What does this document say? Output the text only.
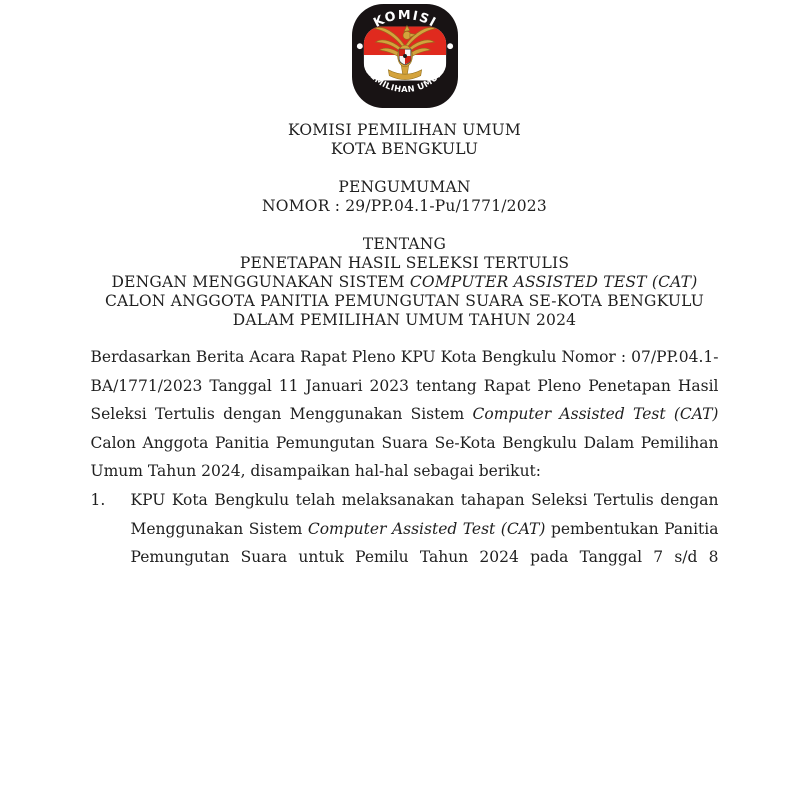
KOMISI
PEMILIHAN UMUM
KOMISI PEMILIHAN UMUM
KOTA BENGKULU
PENGUMUMAN
NOMOR : 29/PP.04.1-Pu/1771/2023
TENTANG
PENETAPAN HASIL SELEKSI TERTULIS
DENGAN MENGGUNAKAN SISTEM COMPUTER ASSISTED TEST (CAT)
CALON ANGGOTA PANITIA PEMUNGUTAN SUARA SE-KOTA BENGKULU
DALAM PEMILIHAN UMUM TAHUN 2024

Berdasarkan Berita Acara Rapat Pleno KPU Kota Bengkulu Nomor : 07/PP.04.1-BA/1771/2023 Tanggal 11 Januari 2023 tentang Rapat Pleno Penetapan Hasil Seleksi Tertulis dengan Menggunakan Sistem Computer Assisted Test (CAT) Calon Anggota Panitia Pemungutan Suara Se-Kota Bengkulu Dalam Pemilihan Umum Tahun 2024, disampaikan hal-hal sebagai berikut:

1.	KPU Kota Bengkulu telah melaksanakan tahapan Seleksi Tertulis dengan Menggunakan Sistem Computer Assisted Test (CAT) pembentukan Panitia Pemungutan Suara untuk Pemilu Tahun 2024 pada Tanggal 7 s/d 8
